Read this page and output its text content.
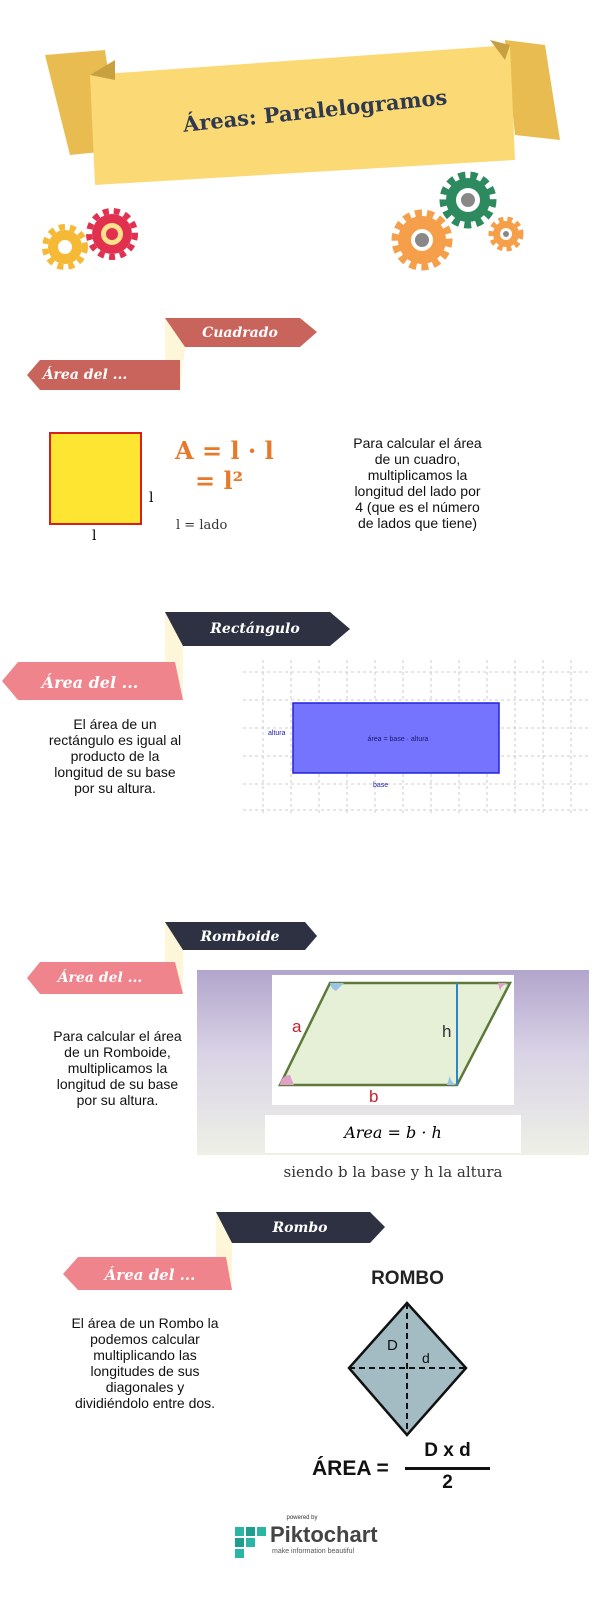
Áreas: Paralelogramos
Cuadrado
Área del ...
l
l
A = l · l
= l²
l = lado
Para calcular el área de un cuadro, multiplicamos la longitud del lado por 4 (que es el número de lados que tiene)
Rectángulo
Área del ...
El área de un rectángulo es igual al producto de la longitud de su base por su altura.
altura
área = base · altura
base
Romboide
Área del ...
Para calcular el área de un Romboide, multiplicamos la longitud de su base por su altura.
a	h
b
Area = b · h
siendo b la base y h la altura
Rombo
Área del ...
El área de un Rombo la podemos calcular multiplicando las longitudes de sus diagonales y dividiéndolo entre dos.
ROMBO
D
d
ÁREA =
D x d
2
powered by
Piktochart
make information beautiful
